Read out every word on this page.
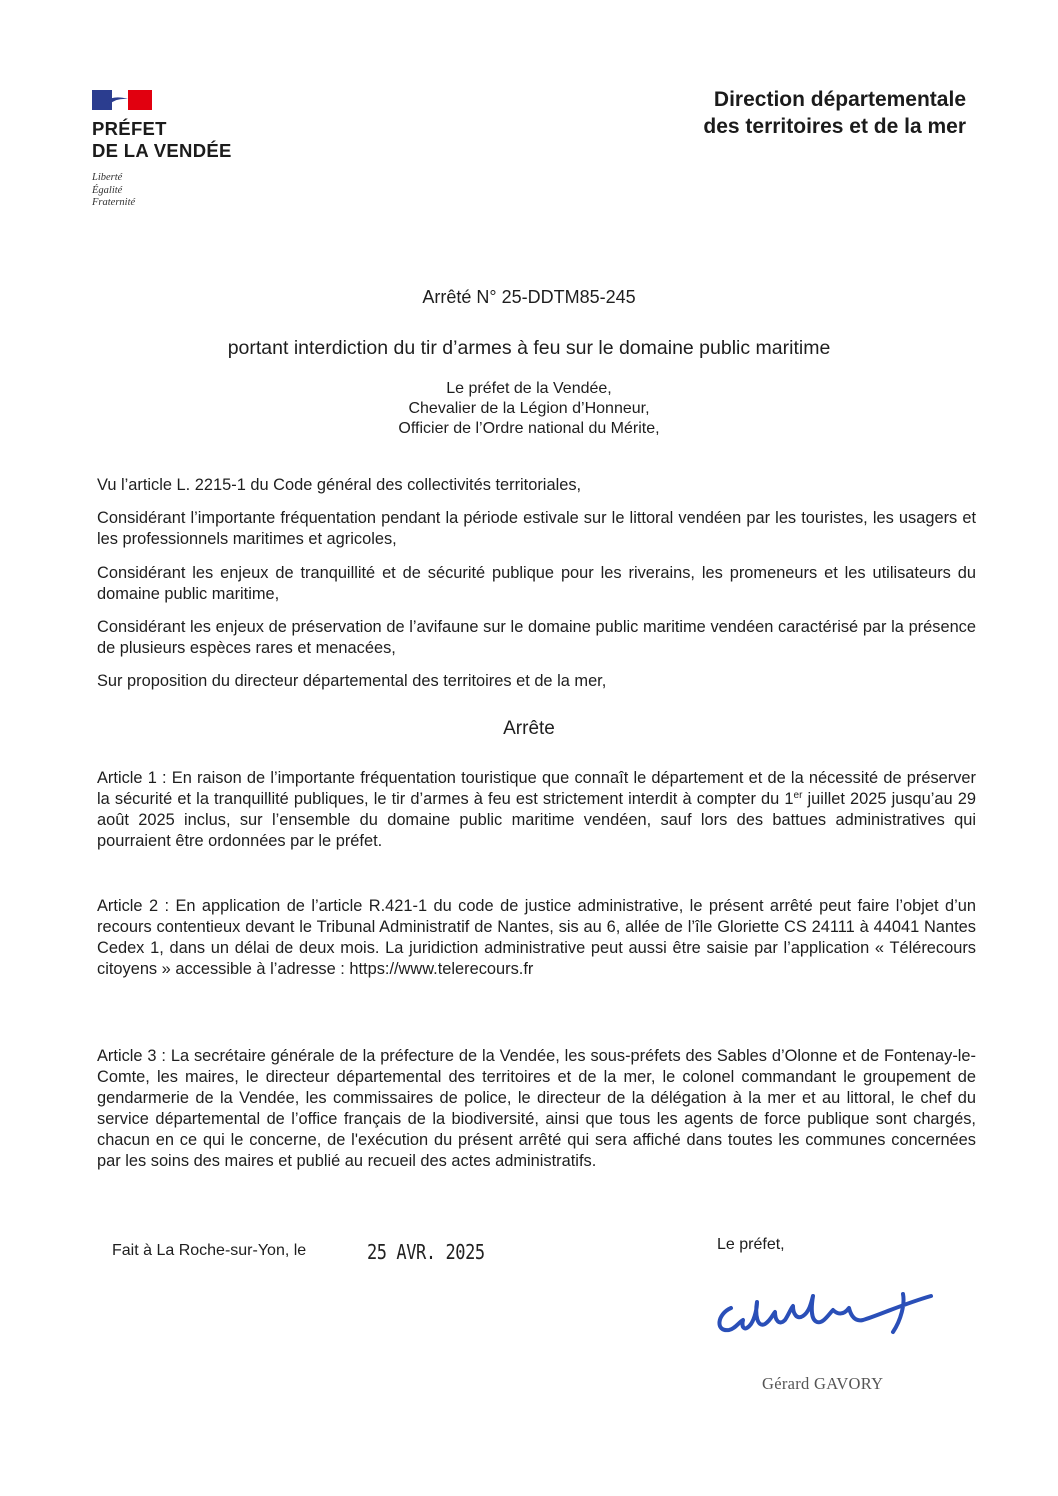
PRÉFET
DE LA VENDÉE
Liberté
Égalité
Fraternité
Direction départementale
des territoires et de la mer
Arrêté N° 25-DDTM85-245
portant interdiction du tir d’armes à feu sur le domaine public maritime
Le préfet de la Vendée,
Chevalier de la Légion d’Honneur,
Officier de l’Ordre national du Mérite,
Vu l’article L. 2215-1 du Code général des collectivités territoriales,
Considérant l’importante fréquentation pendant la période estivale sur le littoral vendéen par les touristes, les usagers et les professionnels maritimes et agricoles,
Considérant les enjeux de tranquillité et de sécurité publique pour les riverains, les promeneurs et les utilisateurs du domaine public maritime,
Considérant les enjeux de préservation de l’avifaune sur le domaine public maritime vendéen caractérisé par la présence de plusieurs espèces rares et menacées,
Sur proposition du directeur départemental des territoires et de la mer,
Arrête
Article 1 : En raison de l’importante fréquentation touristique que connaît le département et de la nécessité de préserver la sécurité et la tranquillité publiques, le tir d’armes à feu est strictement interdit à compter du 1er juillet 2025 jusqu’au 29 août 2025 inclus, sur l’ensemble du domaine public maritime vendéen, sauf lors des battues administratives qui pourraient être ordonnées par le préfet.
Article 2 : En application de l’article R.421-1 du code de justice administrative, le présent arrêté peut faire l’objet d’un recours contentieux devant le Tribunal Administratif de Nantes, sis au 6, allée de l’île Gloriette CS 24111 à 44041 Nantes Cedex 1, dans un délai de deux mois. La juridiction administrative peut aussi être saisie par l’application « Télérecours citoyens » accessible à l’adresse : https://www.telerecours.fr
Article 3 : La secrétaire générale de la préfecture de la Vendée, les sous-préfets des Sables d’Olonne et de Fontenay-le-Comte, les maires, le directeur départemental des territoires et de la mer, le colonel commandant le groupement de gendarmerie de la Vendée, les commissaires de police, le directeur de la délégation à la mer et au littoral, le chef du service départemental de l’office français de la biodiversité, ainsi que tous les agents de force publique sont chargés, chacun en ce qui le concerne, de l'exécution du présent arrêté qui sera affiché dans toutes les communes concernées par les soins des maires et publié au recueil des actes administratifs.
Fait à La Roche-sur-Yon, le	25 AVR. 2025	Le préfet,
Gérard GAVORY
